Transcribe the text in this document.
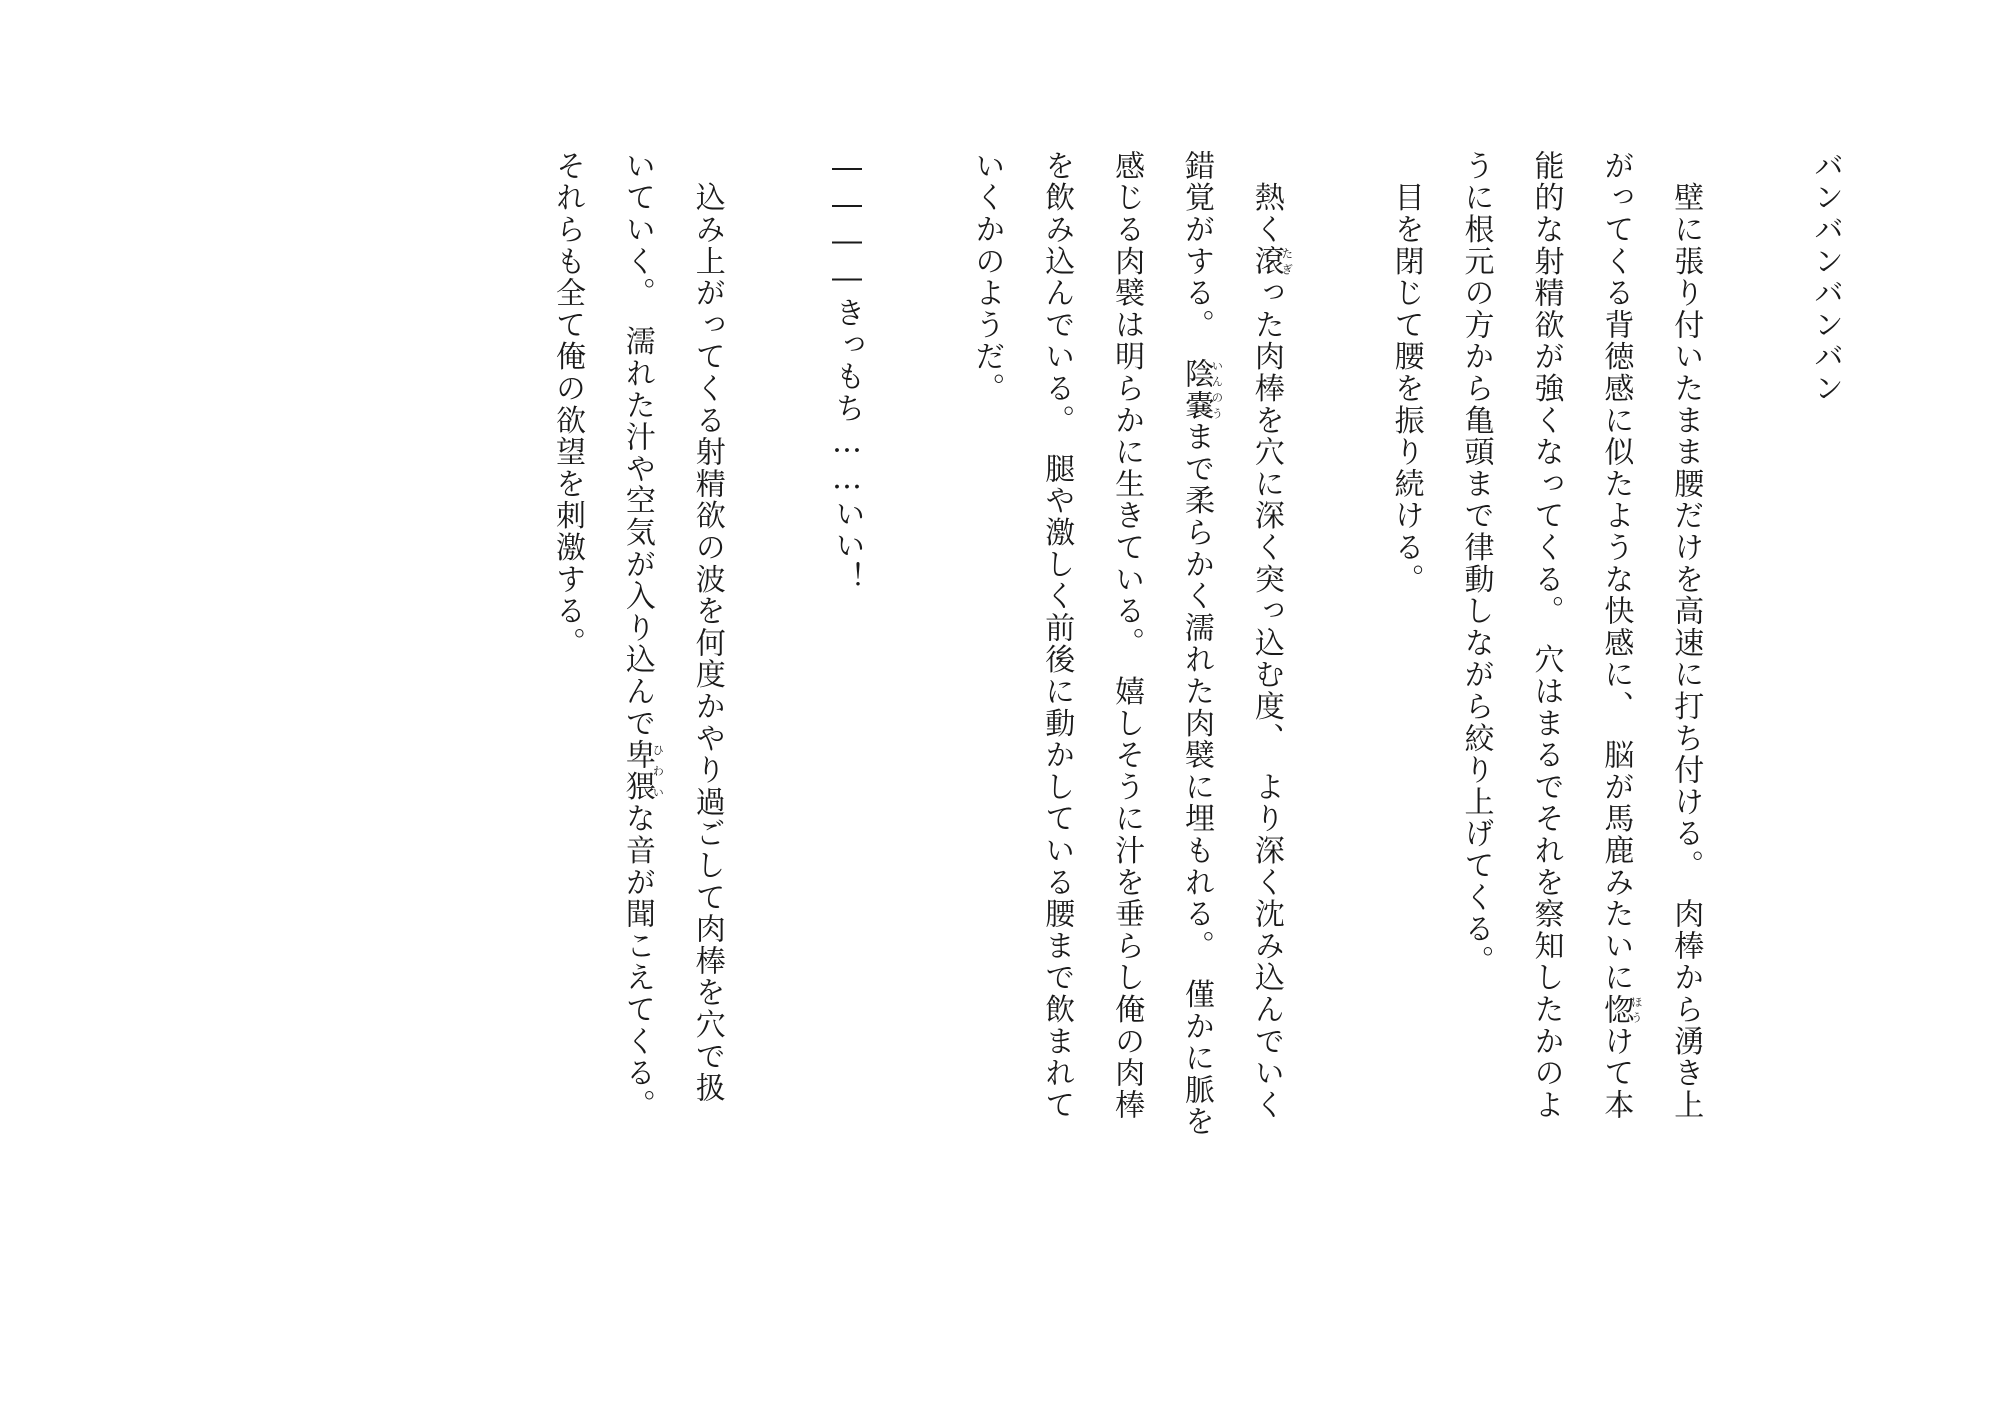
バンバンバンバン

　壁に張り付いたまま腰だけを高速に打ち付ける。　肉棒から湧き上

がってくる背徳感に似たような快感に、　脳が馬鹿みたいに惚ほうけて本

能的な射精欲が強くなってくる。　穴はまるでそれを察知したかのよ

うに根元の方から亀頭まで律動しながら絞り上げてくる。

　目を閉じて腰を振り続ける。

　熱く滾たぎった肉棒を穴に深く突っ込む度、　より深く沈み込んでいく

錯覚がする。　陰嚢いんのうまで柔らかく濡れた肉襞に埋もれる。　僅かに脈を

感じる肉襞は明らかに生きている。　嬉しそうに汁を垂らし俺の肉棒

を飲み込んでいる。　腿や激しく前後に動かしている腰まで飲まれて

いくかのようだ。

――――きっもち……いい！

　込み上がってくる射精欲の波を何度かやり過ごして肉棒を穴で扱

いていく。　濡れた汁や空気が入り込んで卑猥ひわいな音が聞こえてくる。

それらも全て俺の欲望を刺激する。
